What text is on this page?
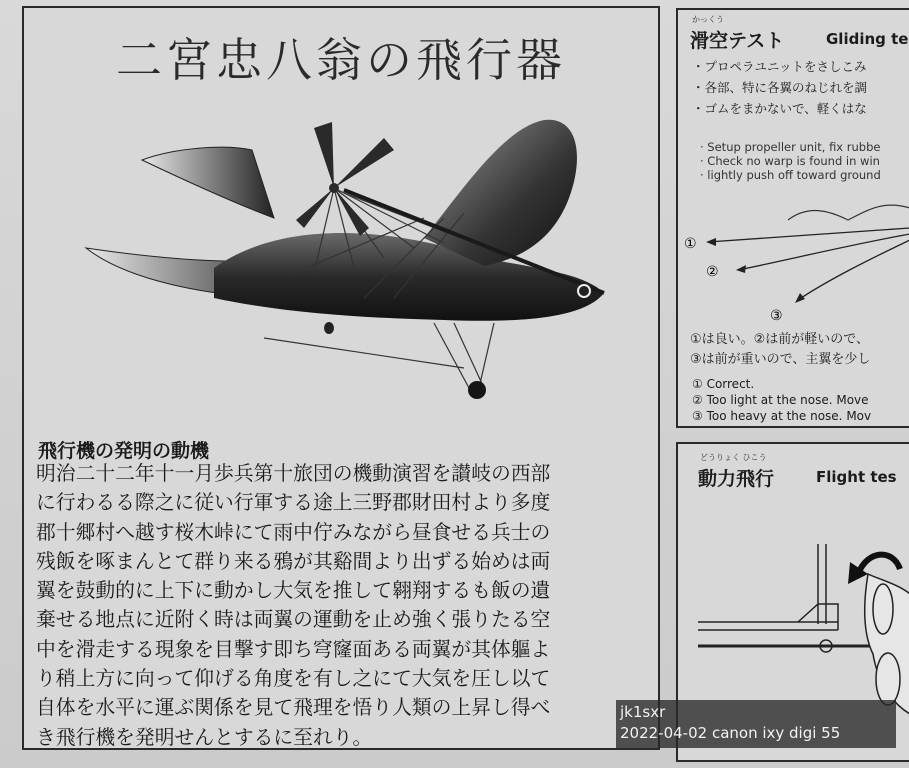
二宮忠八翁の飛行器
飛行機の発明の動機
明治二十二年十一月歩兵第十旅団の機動演習を讃岐の西部
に行わるる際之に従い行軍する途上三野郡財田村より多度
郡十郷村へ越す桜木峠にて雨中佇みながら昼食せる兵士の
残飯を啄まんとて群り来る鴉が其谿間より出ずる始めは両
翼を鼓動的に上下に動かし大気を推して翱翔するも飯の遺
棄せる地点に近附く時は両翼の運動を止め強く張りたる空
中を滑走する現象を目撃す即ち穹窿面ある両翼が其体軀よ
り稍上方に向って仰げる角度を有し之にて大気を圧し以て
自体を水平に運ぶ関係を見て飛理を悟り人類の上昇し得べ
き飛行機を発明せんとするに至れり。
かっくう
滑空テスト	Gliding te
・プロペラユニットをさしこみ
・各部、特に各翼のねじれを調
・ゴムをまかないで、軽くはな
· Setup propeller unit, fix rubbe
· Check no warp is found in win
· lightly push off toward ground
①
②
③
①は良い。②は前が軽いので、
③は前が重いので、主翼を少し
① Correct.
② Too light at the nose. Move
③ Too heavy at the nose. Mov
どうりょく ひこう
動力飛行	Flight tes
jk1sxr
2022-04-02 canon ixy digi 55
